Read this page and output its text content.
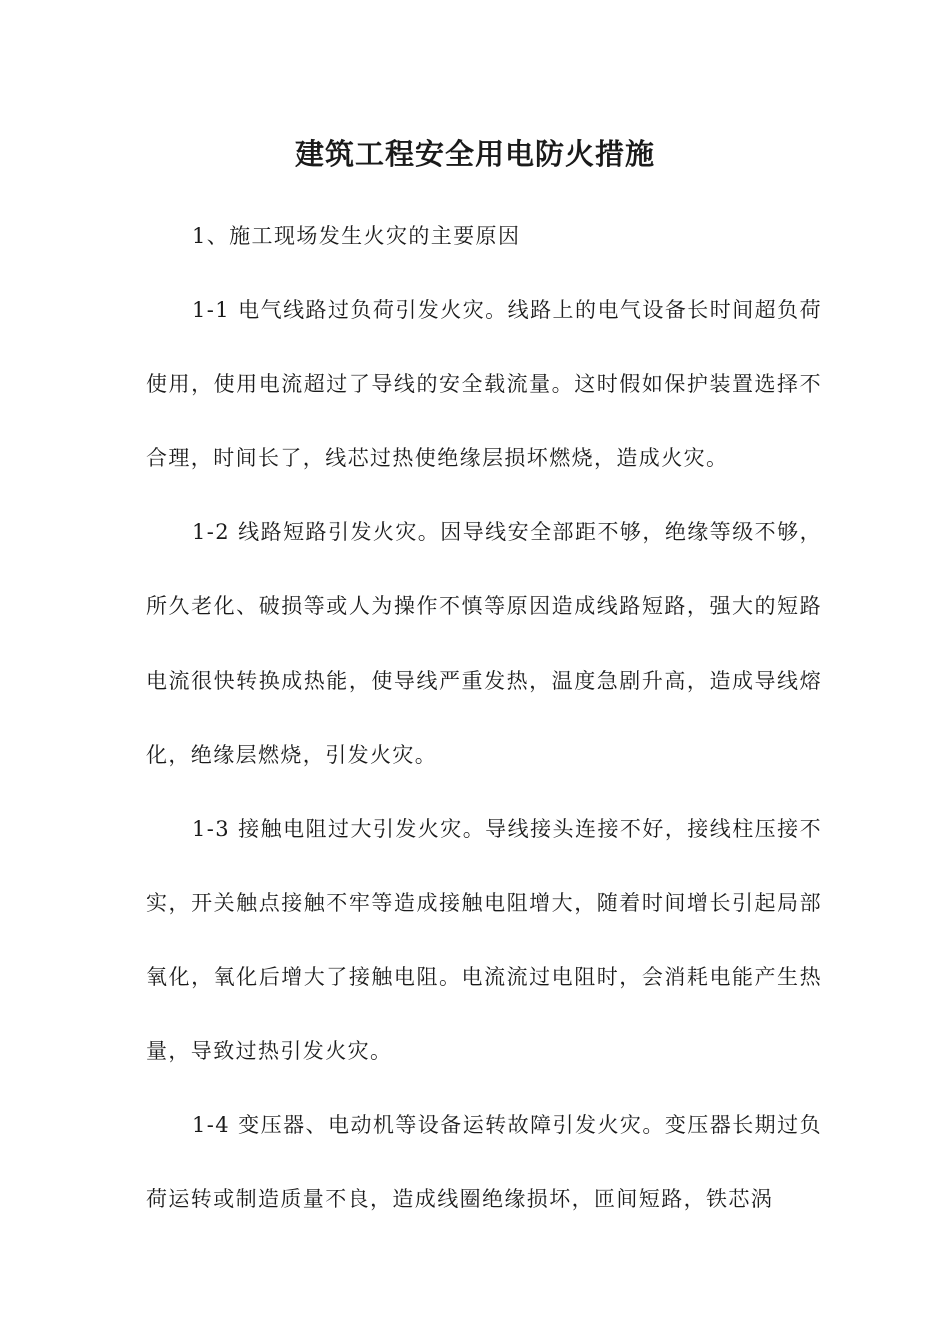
建筑工程安全用电防火措施

1、施工现场发生火灾的主要原因

1-1 电气线路过负荷引发火灾。线路上的电气设备长时间超负荷使用，使用电流超过了导线的安全载流量。这时假如保护装置选择不合理，时间长了，线芯过热使绝缘层损坏燃烧，造成火灾。

1-2 线路短路引发火灾。因导线安全部距不够，绝缘等级不够，所久老化、破损等或人为操作不慎等原因造成线路短路，强大的短路电流很快转换成热能，使导线严重发热，温度急剧升高，造成导线熔化，绝缘层燃烧，引发火灾。

1-3 接触电阻过大引发火灾。导线接头连接不好，接线柱压接不实，开关触点接触不牢等造成接触电阻增大，随着时间增长引起局部氧化，氧化后增大了接触电阻。电流流过电阻时，会消耗电能产生热量，导致过热引发火灾。

1-4 变压器、电动机等设备运转故障引发火灾。变压器长期过负荷运转或制造质量不良，造成线圈绝缘损坏，匝间短路，铁芯涡
